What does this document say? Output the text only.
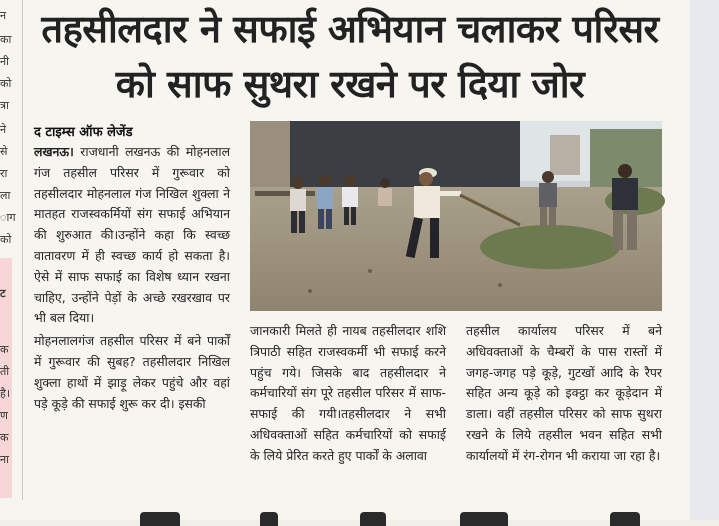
न
का
नी
को
त्रा
ने
से
रा
ला
ाग
को
ट
क
ती
है।
ण
क
ना
तहसीलदार ने सफाई अभियान चलाकर परिसर
को साफ सुथरा रखने पर दिया जोर
द टाइम्स ऑफ लेजेंड

लखनऊ। राजधानी लखनऊ की मोहनलाल गंज तहसील परिसर में गुरूवार को तहसीलदार मोहनलाल गंज निखिल शुक्ला ने मातहत राजस्वकर्मियों संग सफाई अभियान की शुरुआत की।उन्होंने कहा कि स्वच्छ वातावरण में ही स्वच्छ कार्य हो सकता है। ऐसे में साफ सफाई का विशेष ध्यान रखना चाहिए, उन्होंने पेड़ों के अच्छे रखरखाव पर भी बल दिया।

मोहनलालगंज तहसील परिसर में बने पार्कों में गुरूवार की सुबह? तहसीलदार निखिल शुक्ला हाथों में झाड़ू लेकर पहुंचे और वहां पड़े कूड़े की सफाई शुरू कर दी। इसकी

जानकारी मिलते ही नायब तहसीलदार शशि त्रिपाठी सहित राजस्वकर्मी भी सफाई करने पहुंच गये। जिसके बाद तहसीलदार ने कर्मचारियों संग पूरे तहसील परिसर में साफ-सफाई की गयी।तहसीलदार ने सभी अधिवक्ताओं सहित कर्मचारियों को सफाई के लिये प्रेरित करते हुए पार्कों के अलावा
तहसील कार्यालय परिसर में बने अधिवक्ताओं के चैम्बरों के पास रास्तों में जगह-जगह पड़े कूड़े, गुटखों आदि के रैपर सहित अन्य कूड़े को इक्ट्ठा कर कूड़ेदान में डाला। वहीं तहसील परिसर को साफ सुथरा रखने के लिये तहसील भवन सहित सभी कार्यालयों में रंग-रोगन भी कराया जा रहा है।
